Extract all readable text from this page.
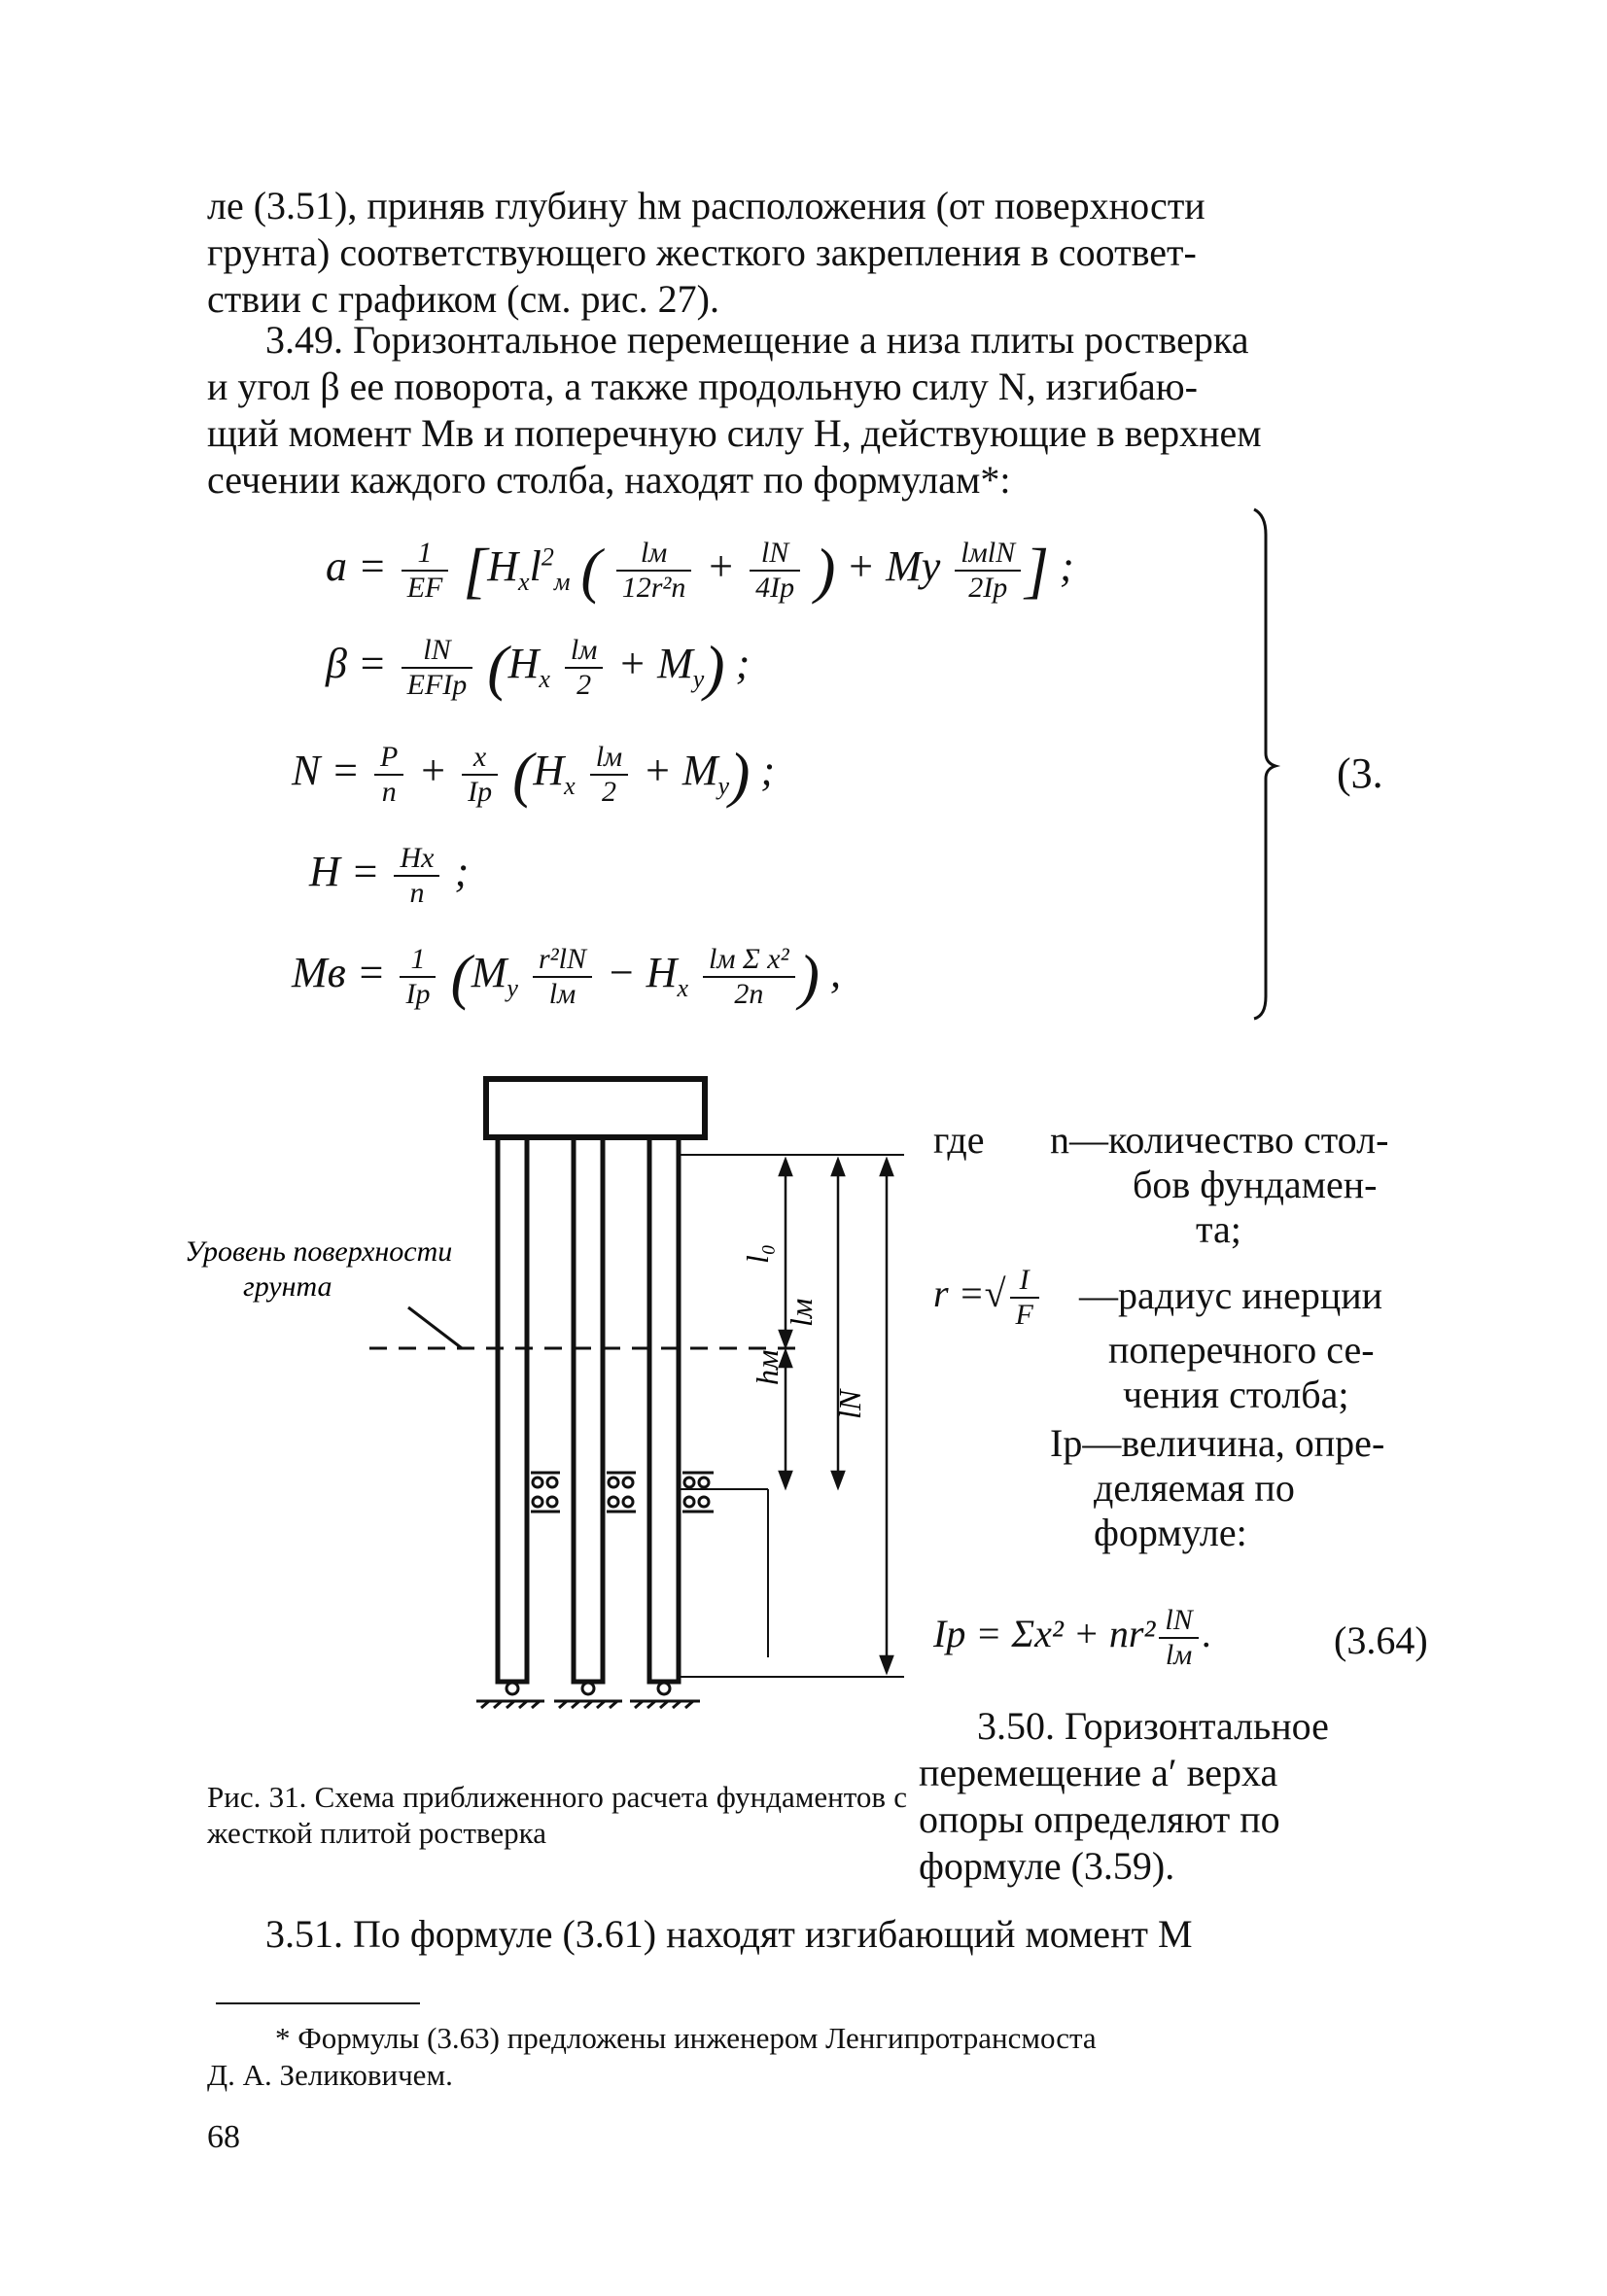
ле (3.51), приняв глубину hм расположения (от поверхности
грунта) соответствующего жесткого закрепления в соответ-
ствии с графиком (см. рис. 27).
3.49. Горизонтальное перемещение a низа плиты ростверка
и угол β ее поворота, а также продольную силу N, изгибаю-
щий момент Mв и поперечную силу H, действующие в верхнем
сечении каждого столба, находят по формулам*:
$a = \frac{1}{EF} [H_xl^2_м$ ( $\frac{lм}{\text{12r²n}} + \frac{lN}{4Iр}$ ) + My $\frac{\text{lмlN}}{2Iр}$ ] ;
$\beta = \frac{lN}{\text{EFIр}} (H_x \frac{lм}{2} + M_y)$ ;
$N = \frac{P}{n} + \frac{x}{Iр} (H_x \frac{lм}{2} + M_y)$ ;
$H = \frac{Hx}{n}$ ;
Mв = $\frac{1}{Iр} (M_y \frac{\text{r²lN}}{lм} - H_x \frac{\text{lм Σ x²}}{2n}$ ) ,
(3.
Уровень поверхности
грунта
l₀
hм
lм
lN
где n—количество стол-
бов фундамен-
та;
r =√ $\frac{I}{F}$ —радиус инерции
поперечного се-
чения столба;
Iр—величина, опре-
деляемая по
формуле:
Iр = $\Sigma x^2 + nr^2 \frac{lN}{lм}$ .	(3.64)
3.50. Горизонтальное
перемещение a′ верха
опоры определяют по
формуле (3.59).
Рис. 31. Схема приближенного расчета фундаментов с жесткой плитой ростверка
3.51. По формуле (3.61) находят изгибающий момент M
* Формулы (3.63) предложены инженером Ленгипротрансмоста
Д. А. Зеликовичем.
68
